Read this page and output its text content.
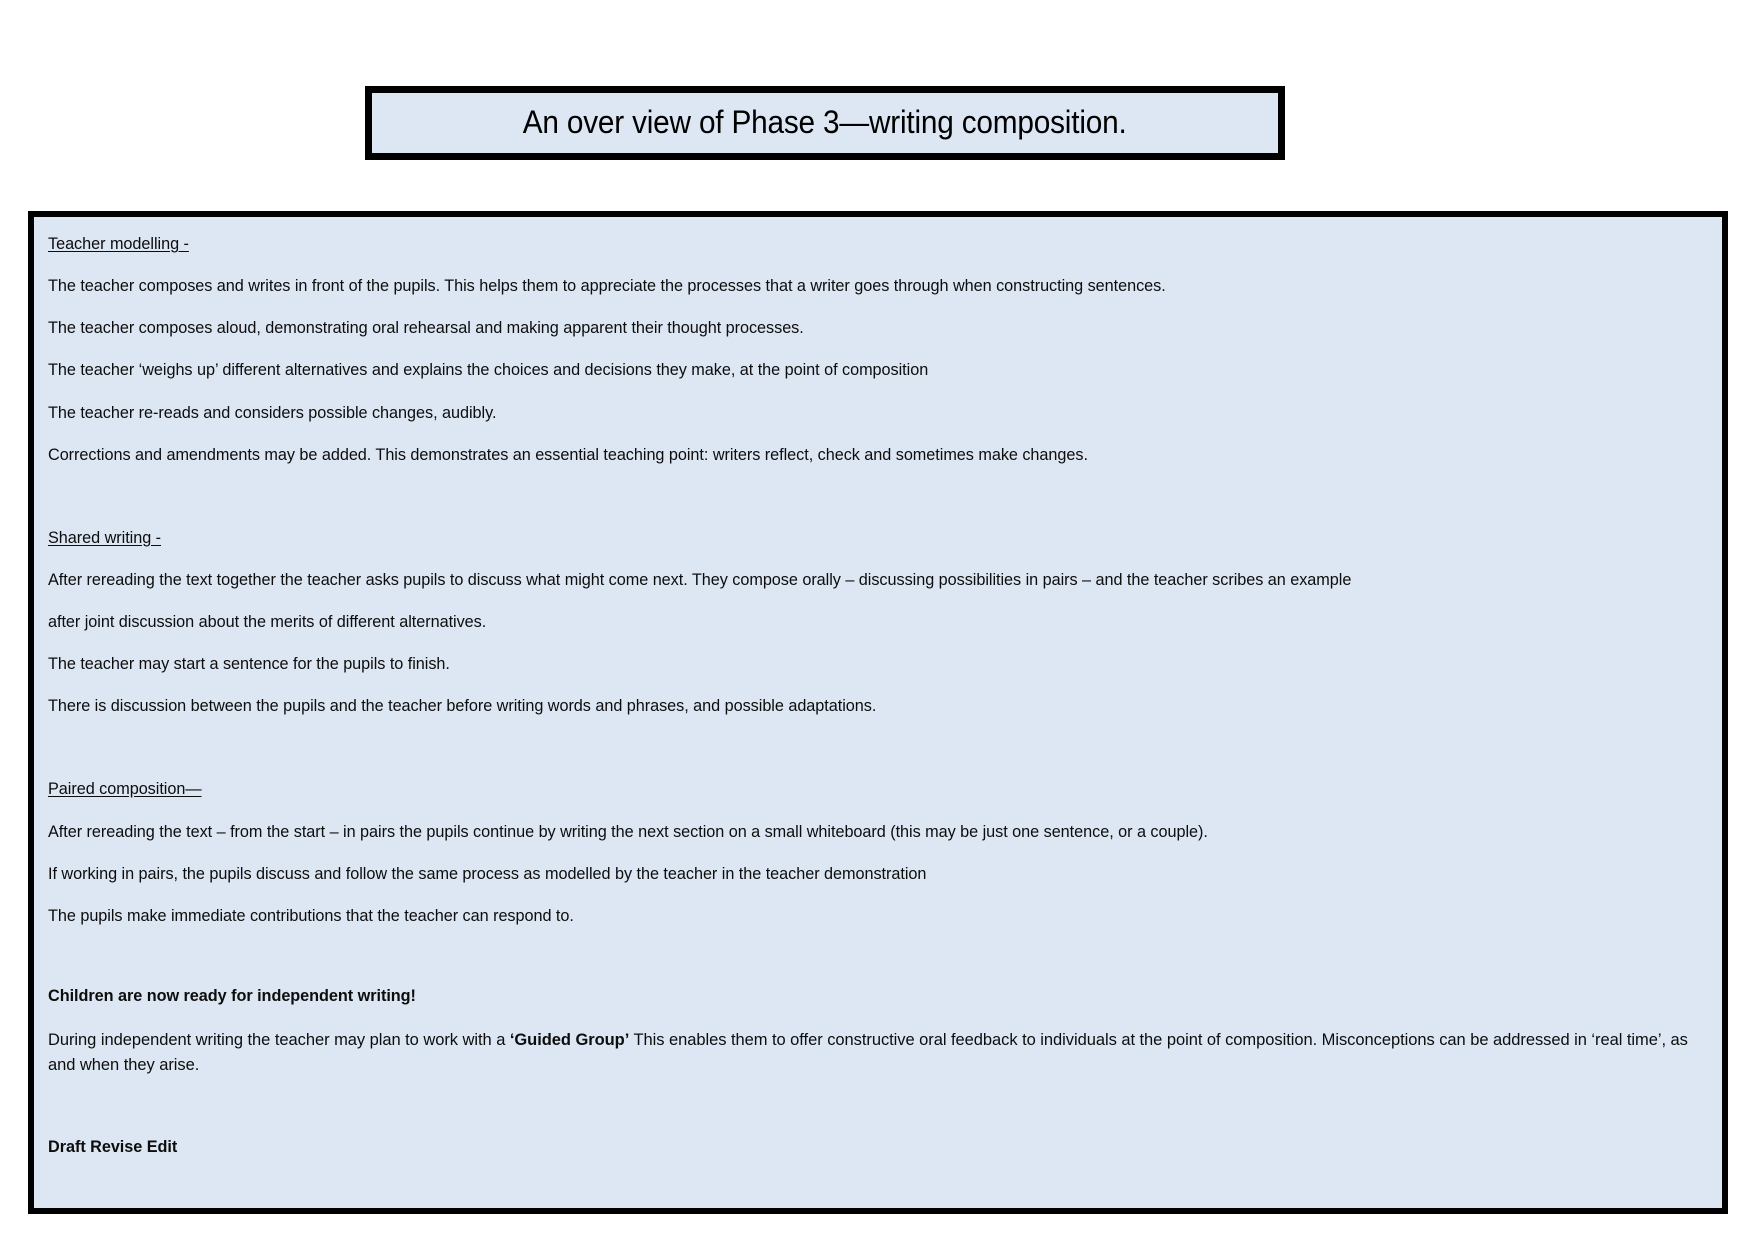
An over view of Phase 3—writing composition.

Teacher modelling -

The teacher composes and writes in front of the pupils. This helps them to appreciate the processes that a writer goes through when constructing sentences.

The teacher composes aloud, demonstrating oral rehearsal and making apparent their thought processes.

The teacher ‘weighs up’ different alternatives and explains the choices and decisions they make, at the point of composition

The teacher re-reads and considers possible changes, audibly.

Corrections and amendments may be added. This demonstrates an essential teaching point: writers reflect, check and sometimes make changes.

Shared writing -

After rereading the text together the teacher asks pupils to discuss what might come next. They compose orally – discussing possibilities in pairs – and the teacher scribes an example

after joint discussion about the merits of different alternatives.

The teacher may start a sentence for the pupils to finish.

There is discussion between the pupils and the teacher before writing words and phrases, and possible adaptations.

Paired composition—

After rereading the text – from the start – in pairs the pupils continue by writing the next section on a small whiteboard (this may be just one sentence, or a couple).

If working in pairs, the pupils discuss and follow the same process as modelled by the teacher in the teacher demonstration

The pupils make immediate contributions that the teacher can respond to.

Children are now ready for independent writing!

During independent writing the teacher may plan to work with a ‘Guided Group’ This enables them to offer constructive oral feedback to individuals at the point of composition. Misconceptions can be addressed in ‘real time’, as and when they arise.

Draft Revise Edit
